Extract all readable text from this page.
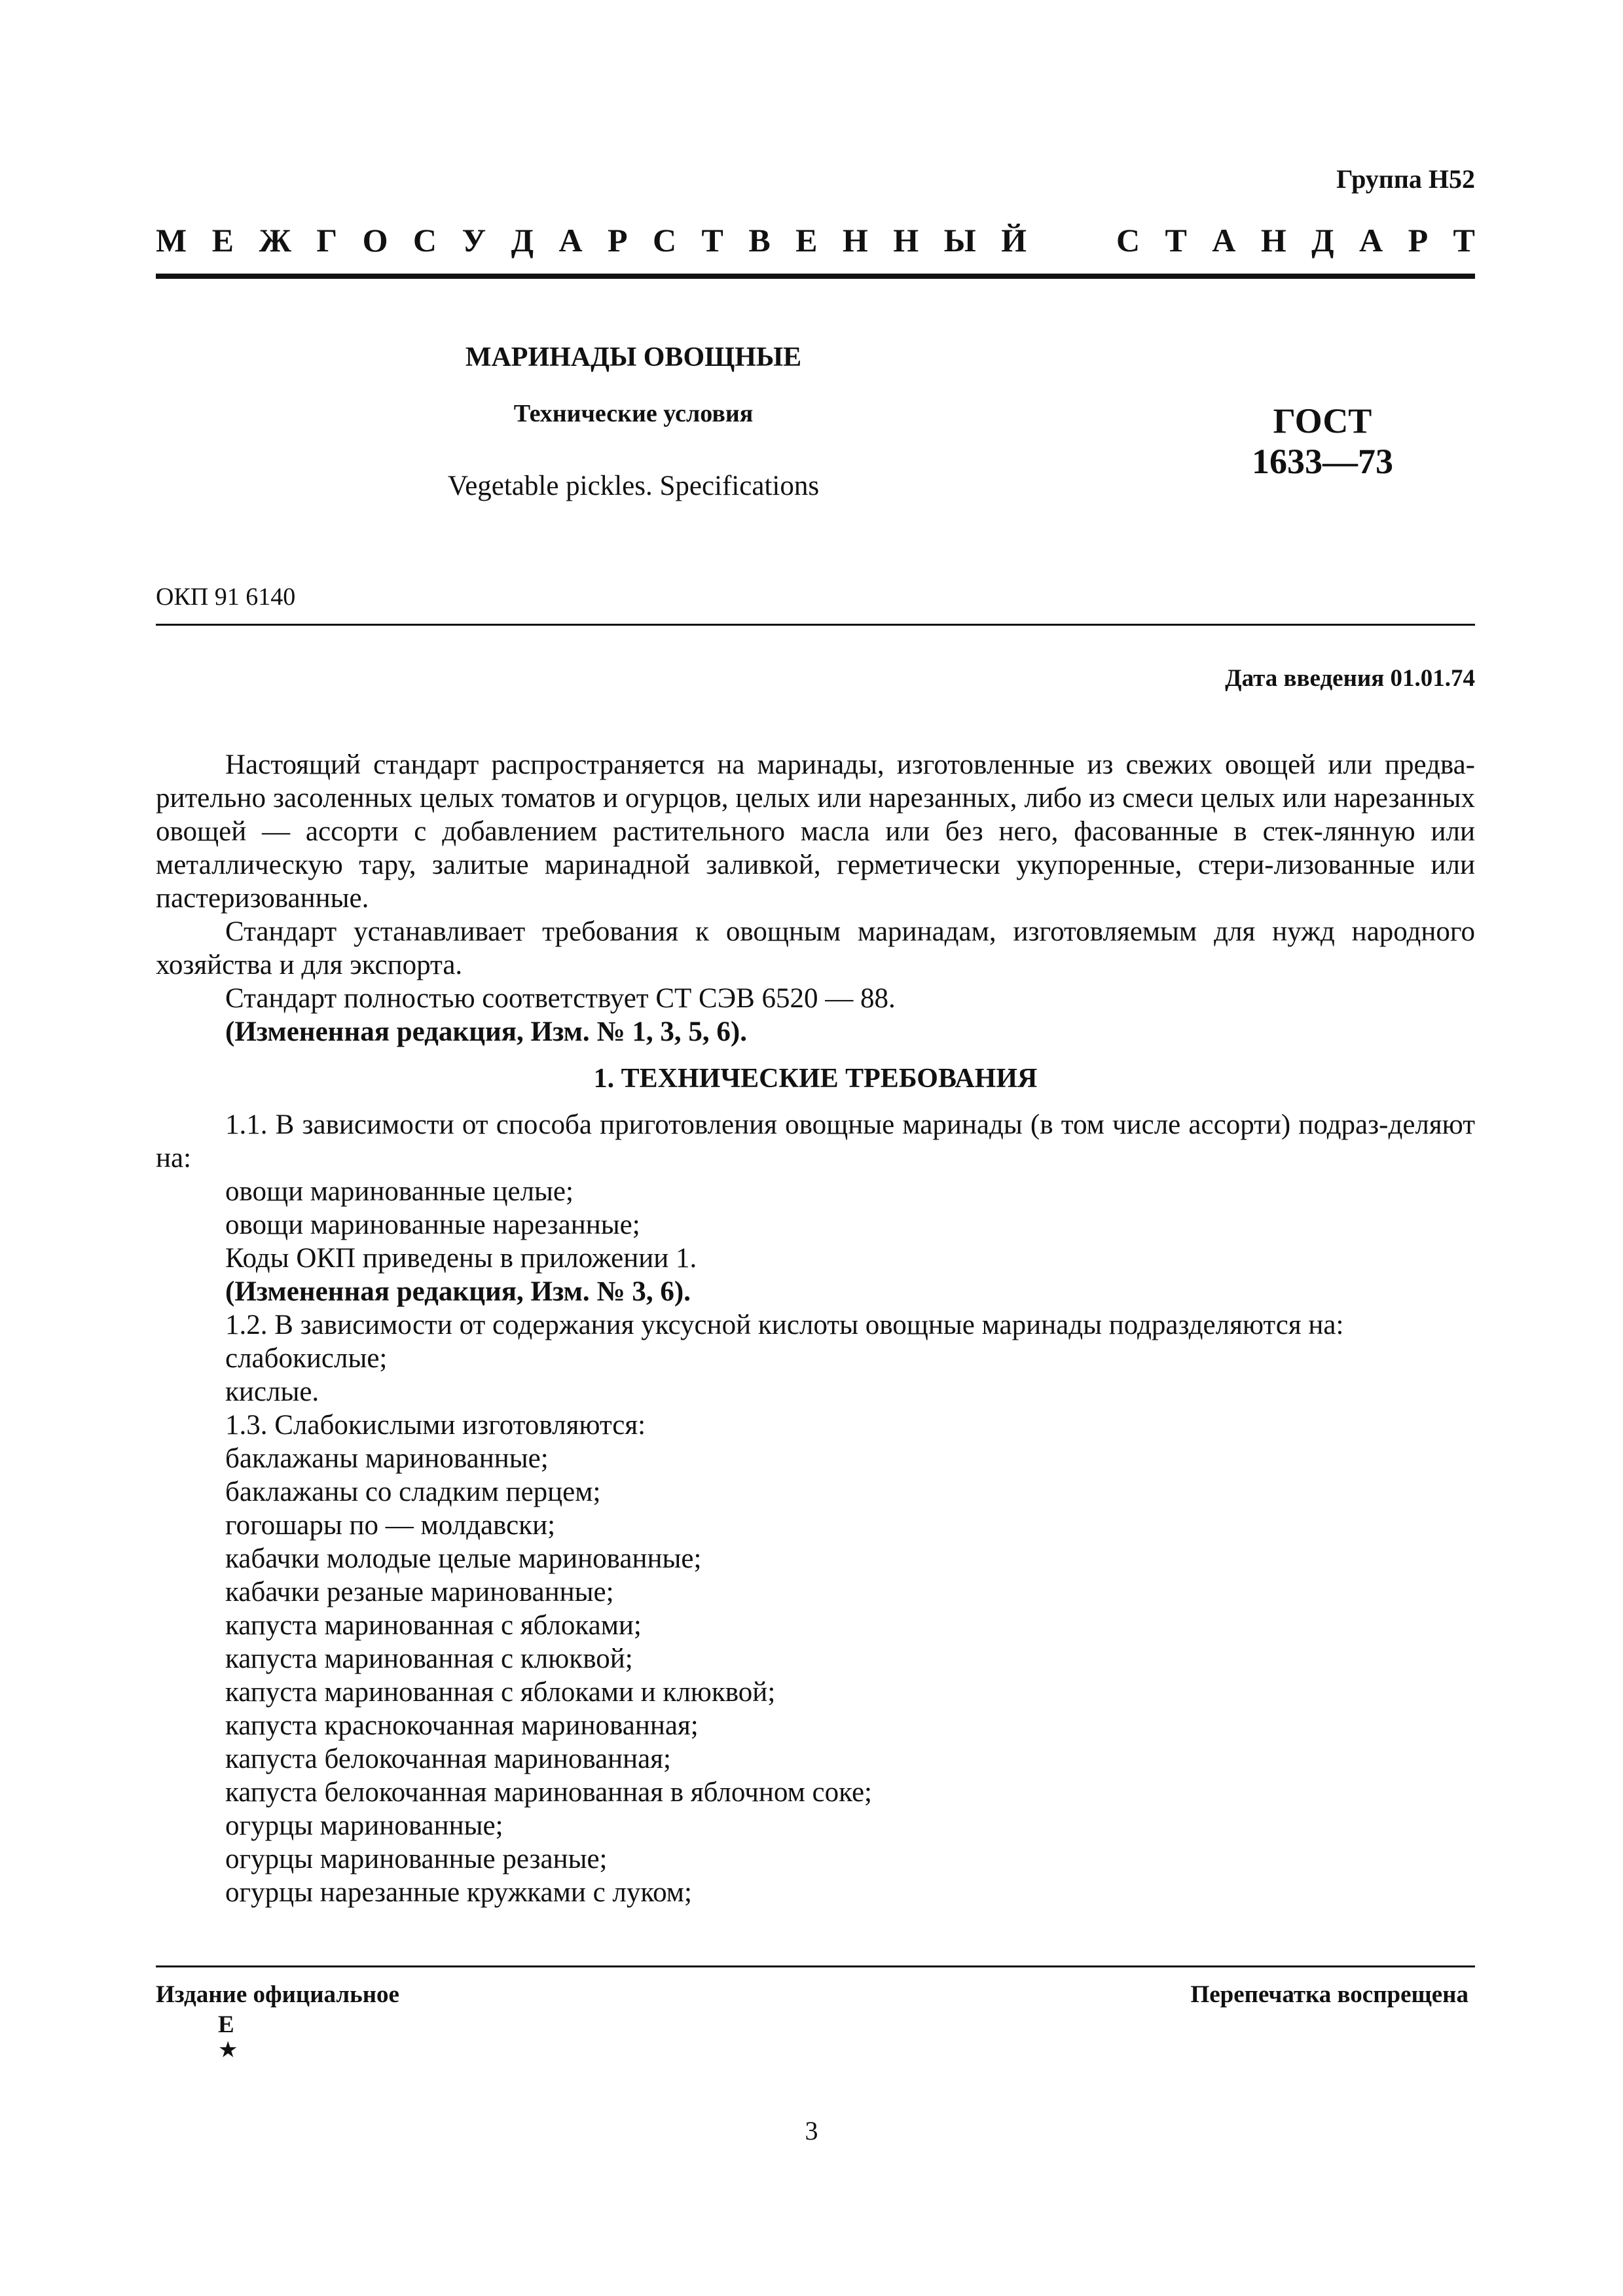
Группа Н52
М Е Ж Г О С У Д А Р С Т В Е Н Н Ы Й	С Т А Н Д А Р Т
МАРИНАДЫ ОВОЩНЫЕ
Технические условия
Vegetable pickles. Specifications
ГОСТ
1633—73
ОКП 91 6140
Дата введения 01.01.74

Настоящий стандарт распространяется на маринады, изготовленные из свежих овощей или предва-рительно засоленных целых томатов и огурцов, целых или нарезанных, либо из смеси целых или нарезанных овощей — ассорти с добавлением растительного масла или без него, фасованные в стек-лянную или металлическую тару, залитые маринадной заливкой, герметически укупоренные, стери-лизованные или пастеризованные.

Стандарт устанавливает требования к овощным маринадам, изготовляемым для нужд народного хозяйства и для экспорта.

Стандарт полностью соответствует СТ СЭВ 6520 — 88.

(Измененная редакция, Изм. № 1, 3, 5, 6).

1. ТЕХНИЧЕСКИЕ ТРЕБОВАНИЯ

1.1. В зависимости от способа приготовления овощные маринады (в том числе ассорти) подраз-деляют на:

овощи маринованные целые;

овощи маринованные нарезанные;

Коды ОКП приведены в приложении 1.

(Измененная редакция, Изм. № 3, 6).

1.2. В зависимости от содержания уксусной кислоты овощные маринады подразделяются на:

слабокислые;

кислые.

1.3. Слабокислыми изготовляются:

баклажаны маринованные;

баклажаны со сладким перцем;

гогошары по — молдавски;

кабачки молодые целые маринованные;

кабачки резаные маринованные;

капуста маринованная с яблоками;

капуста маринованная с клюквой;

капуста маринованная с яблоками и клюквой;

капуста краснокочанная маринованная;

капуста белокочанная маринованная;

капуста белокочанная маринованная в яблочном соке;

огурцы маринованные;

огурцы маринованные резаные;

огурцы нарезанные кружками с луком;

Издание официальное	Перепечатка воспрещена
Е
★
3
